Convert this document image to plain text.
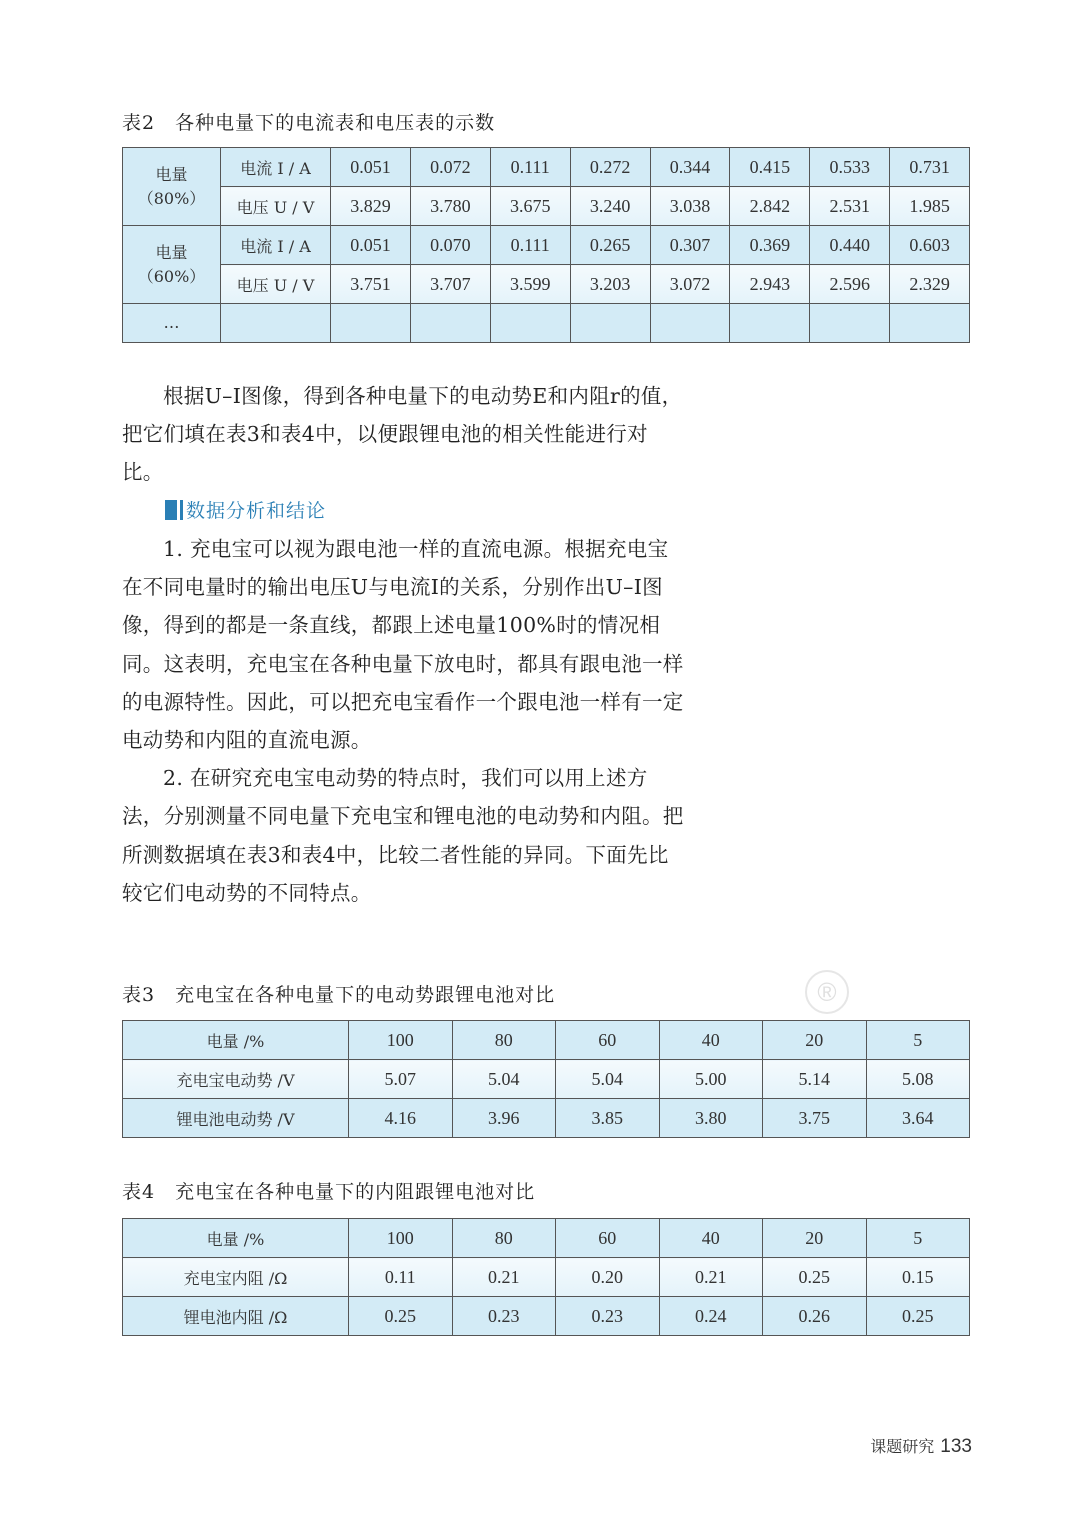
表2　各种电量下的电流表和电压表的示数
电量
（80%）	电流 I / A	0.051	0.072	0.111	0.272	0.344	0.415	0.533	0.731
	电压 U / V	3.829	3.780	3.675	3.240	3.038	2.842	2.531	1.985

电量
（60%）	电流 I / A	0.051	0.070	0.111	0.265	0.307	0.369	0.440	0.603
	电压 U / V	3.751	3.707	3.599	3.203	3.072	2.943	2.596	2.329
…									

根据U–I图像，得到各种电量下的电动势E和内阻r的值，把它们填在表3和表4中，以便跟锂电池的相关性能进行对比。

数据分析和结论

1. 充电宝可以视为跟电池一样的直流电源。根据充电宝在不同电量时的输出电压U与电流I的关系，分别作出U–I图像，得到的都是一条直线，都跟上述电量100%时的情况相同。这表明，充电宝在各种电量下放电时，都具有跟电池一样的电源特性。因此，可以把充电宝看作一个跟电池一样有一定电动势和内阻的直流电源。

2. 在研究充电宝电动势的特点时，我们可以用上述方法，分别测量不同电量下充电宝和锂电池的电动势和内阻。把所测数据填在表3和表4中，比较二者性能的异同。下面先比较它们电动势的不同特点。

®
表3　充电宝在各种电量下的电动势跟锂电池对比
电量 /%	100	80	60	40	20	5
充电宝电动势 /V	5.07	5.04	5.04	5.00	5.14	5.08
锂电池电动势 /V	4.16	3.96	3.85	3.80	3.75	3.64
表4　充电宝在各种电量下的内阻跟锂电池对比
电量 /%	100	80	60	40	20	5
充电宝内阻 /Ω	0.11	0.21	0.20	0.21	0.25	0.15
锂电池内阻 /Ω	0.25	0.23	0.23	0.24	0.26	0.25
课题研究 133
